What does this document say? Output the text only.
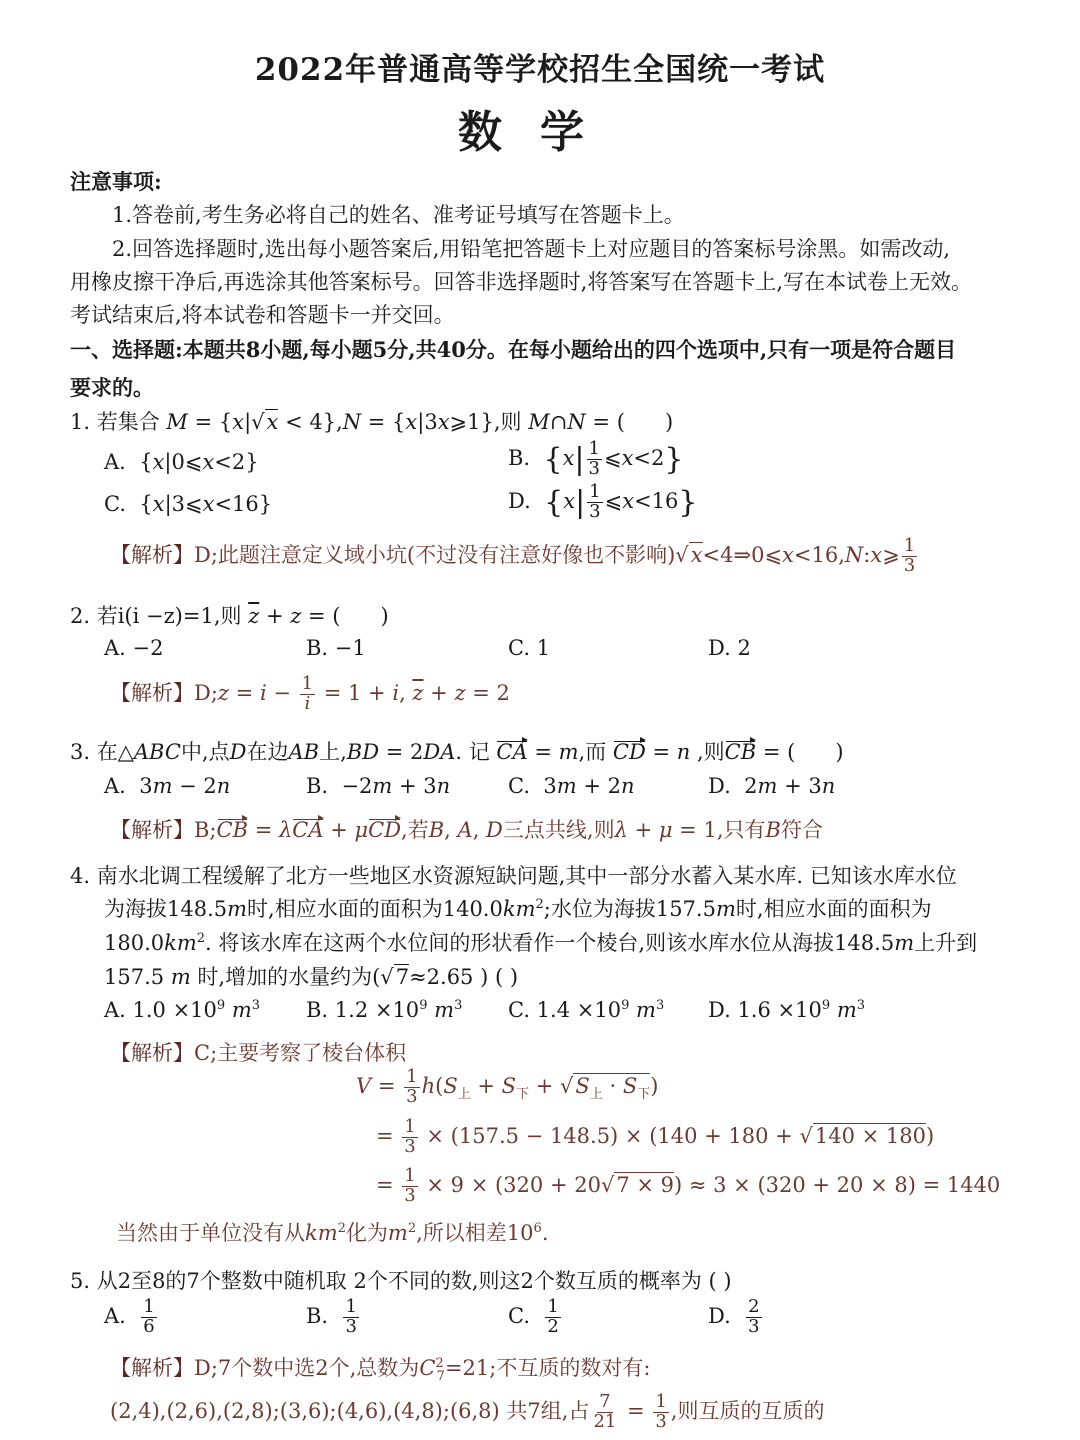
2022年普通高等学校招生全国统一考试
数学
注意事项:
1.答卷前,考生务必将自己的姓名、准考证号填写在答题卡上。
2.回答选择题时,选出每小题答案后,用铅笔把答题卡上对应题目的答案标号涂黑。如需改动,
用橡皮擦干净后,再选涂其他答案标号。回答非选择题时,将答案写在答题卡上,写在本试卷上无效。
考试结束后,将本试卷和答题卡一并交回。
一、选择题:本题共8小题,每小题5分,共40分。在每小题给出的四个选项中,只有一项是符合题目
要求的。
1. 若集合 M = {x|√x < 4},N = {x|3x⩾1},则 M∩N = (      )
A.  {x|0⩽x<2}	B. {$x| \frac{1}{3}$ ⩽x<2}
C.  {x|3⩽x<16}	D. {$x| \frac{1}{3}$ ⩽x<16}
【解析】D;此题注意定义域小坑(不过没有注意好像也不影响)√x<4⇒0⩽x<16,N:x⩾ $\frac{1}{3}$
2. 若i(i −z)=1,则 $\overline{z} + z$ = (      )
A. −2	B. −1	C. 1	D. 2
【解析】D;z = $i - \frac{1}{i} = 1 + i$, $\overline{z} + z = 2$
3. 在△ABC中,点D在边AB上,BD = 2DA. 记 CA = m,而 CD = n ,则CB = (      )
A.  3m − 2n	B.  −2m + 3n	C.  3m + 2n	D.  2m + 3n
【解析】B;CB = λCA + μCD,若B, A, D三点共线,则λ + μ = 1,只有B符合
4. 南水北调工程缓解了北方一些地区水资源短缺问题,其中一部分水蓄入某水库. 已知该水库水位
为海拔148.5m时,相应水面的面积为$140.0km^2$;水位为海拔157.5m时,相应水面的面积为
$180.0km^2$. 将该水库在这两个水位间的形状看作一个棱台,则该水库水位从海拔148.5m上升到
157.5 m 时,增加的水量约为(√7≈2.65 ) ( )
A. $1.0 \times 10^9$ $m^3$ B. $1.2 \times 10^9$ $m^3$ C. $1.4 \times 10^9$ $m^3$ D. $1.6 \times 10^9$ $m^3$
【解析】C;主要考察了棱台体积
$V = \frac{1}{3} h(S_上 + S_下 + √S_上 \cdot S_下)$
= $\frac{1}{3} \times (157.5 - 148.5) \times (140 + 180 + √140 \times 180)$
= $\frac{1}{3} \times 9 \times (320 + 20√7 \times 9) \approx 3 \times (320 + 20 \times 8) = 1440$
当然由于单位没有从$km^2$化为$m^2$,所以相差$10^6$.
5. 从2至8的7个整数中随机取 2个不同的数,则这2个数互质的概率为 ( )
A. $\frac{1}{6}$	B. $\frac{1}{3}$	C. $\frac{1}{2}$	D. $\frac{2}{3}$
【解析】D;7个数中选2个,总数为$C^2_7=21$;不互质的数对有:
(2,4),(2,6),(2,8);(3,6);(4,6),(4,8);(6,8) 共7组,占 $\frac{7}{21} = \frac{1}{3}$ ,则互质的互质的
